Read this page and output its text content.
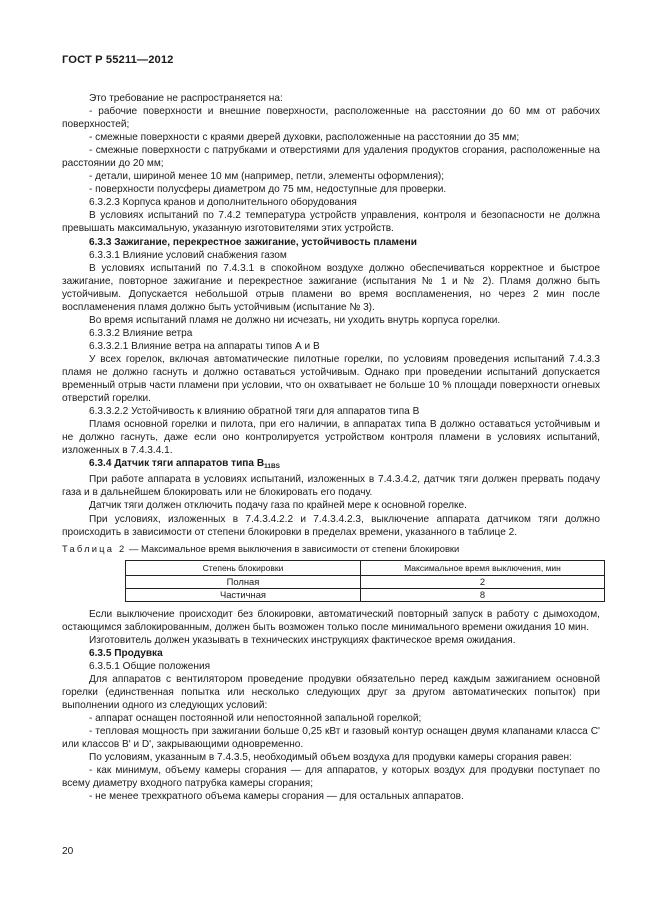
ГОСТ Р 55211—2012

Это требование не распространяется на:

- рабочие поверхности и внешние поверхности, расположенные на расстоянии до 60 мм от рабочих поверхностей;

- смежные поверхности с краями дверей духовки, расположенные на расстоянии до 35 мм;

- смежные поверхности с патрубками и отверстиями для удаления продуктов сгорания, расположенные на расстоянии до 20 мм;

- детали, шириной менее 10 мм (например, петли, элементы оформления);

- поверхности полусферы диаметром до 75 мм, недоступные для проверки.

6.3.2.3 Корпуса кранов и дополнительного оборудования

В условиях испытаний по 7.4.2 температура устройств управления, контроля и безопасности не должна превышать максимальную, указанную изготовителями этих устройств.

6.3.3 Зажигание, перекрестное зажигание, устойчивость пламени

6.3.3.1 Влияние условий снабжения газом

В условиях испытаний по 7.4.3.1 в спокойном воздухе должно обеспечиваться корректное и быстрое зажигание, повторное зажигание и перекрестное зажигание (испытания № 1 и № 2). Пламя должно быть устойчивым. Допускается небольшой отрыв пламени во время воспламенения, но через 2 мин после воспламенения пламя должно быть устойчивым (испытание № 3).

Во время испытаний пламя не должно ни исчезать, ни уходить внутрь корпуса горелки.

6.3.3.2 Влияние ветра

6.3.3.2.1 Влияние ветра на аппараты типов А и В

У всех горелок, включая автоматические пилотные горелки, по условиям проведения испытаний 7.4.3.3 пламя не должно гаснуть и должно оставаться устойчивым. Однако при проведении испытаний допускается временный отрыв части пламени при условии, что он охватывает не больше 10 % площади поверхности огневых отверстий горелки.

6.3.3.2.2 Устойчивость к влиянию обратной тяги для аппаратов типа В

Пламя основной горелки и пилота, при его наличии, в аппаратах типа В должно оставаться устойчивым и не должно гаснуть, даже если оно контролируется устройством контроля пламени в условиях испытаний, изложенных в 7.4.3.4.1.

6.3.4 Датчик тяги аппаратов типа $В_{11BS}$

При работе аппарата в условиях испытаний, изложенных в 7.4.3.4.2, датчик тяги должен прервать подачу газа и в дальнейшем блокировать или не блокировать его подачу.

Датчик тяги должен отключить подачу газа по крайней мере к основной горелке.

При условиях, изложенных в 7.4.3.4.2.2 и 7.4.3.4.2.3, выключение аппарата датчиком тяги должно происходить в зависимости от степени блокировки в пределах времени, указанного в таблице 2.

Таблица 2 — Максимальное время выключения в зависимости от степени блокировки

Степень блокировки	Максимальное время выключения, мин
Полная	2
Частичная	8

Если выключение происходит без блокировки, автоматический повторный запуск в работу с дымоходом, остающимся заблокированным, должен быть возможен только после минимального времени ожидания 10 мин.

Изготовитель должен указывать в технических инструкциях фактическое время ожидания.

6.3.5 Продувка

6.3.5.1 Общие положения

Для аппаратов с вентилятором проведение продувки обязательно перед каждым зажиганием основной горелки (единственная попытка или несколько следующих друг за другом автоматических попыток) при выполнении одного из следующих условий:

- аппарат оснащен постоянной или непостоянной запальной горелкой;

- тепловая мощность при зажигании больше 0,25 кВт и газовый контур оснащен двумя клапанами класса С' или классов В' и D', закрывающими одновременно.

По условиям, указанным в 7.4.3.5, необходимый объем воздуха для продувки камеры сгорания равен:

- как минимум, объему камеры сгорания — для аппаратов, у которых воздух для продувки поступает по всему диаметру входного патрубка камеры сгорания;

- не менее трехкратного объема камеры сгорания — для остальных аппаратов.

20
